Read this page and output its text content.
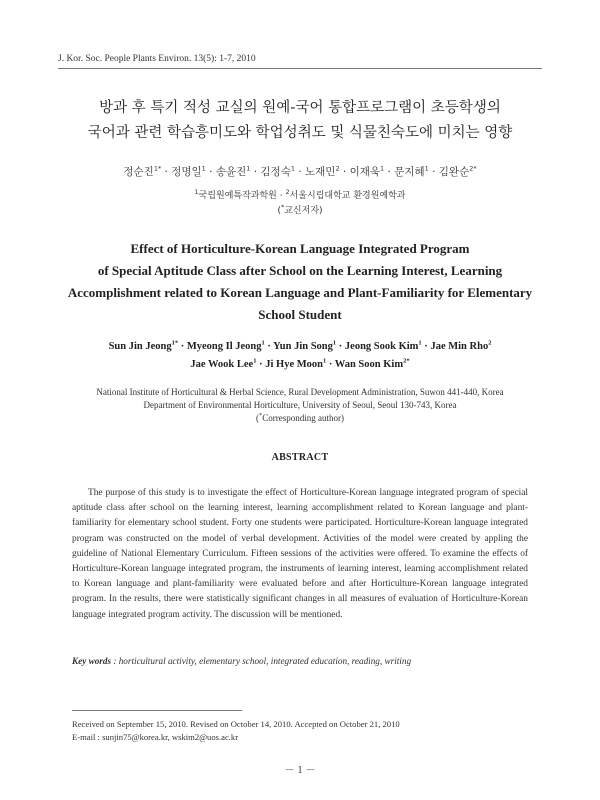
J. Kor. Soc. People Plants Environ. 13(5): 1-7, 2010
방과 후 특기 적성 교실의 원예-국어 통합프로그램이 초등학생의
국어과 관련 학습흥미도와 학업성취도 및 식물친숙도에 미치는 영향
정순진$^{1*}$ · 정명일$^1$ · 송윤진$^1$ · 김정숙$^1$ · 노재민$^2$ · 이재욱$^1$ · 문지혜$^1$ · 김완순$^{2*}$
$^1$국립원예특작과학원 · $^2$서울시립대학교 환경원예학과
(*교신저자)
Effect of Horticulture-Korean Language Integrated Program
of Special Aptitude Class after School on the Learning Interest, Learning
Accomplishment related to Korean Language and Plant-Familiarity for Elementary
School Student
Sun Jin Jeong$^{1*}$ · Myeong Il Jeong$^1$ · Yun Jin Song$^1$ · Jeong Sook Kim$^1$ · Jae Min Rho$^2$
Jae Wook Lee$^1$ · Ji Hye Moon$^1$ · Wan Soon Kim$^{2*}$
National Institute of Horticultural & Herbal Science, Rural Development Administration, Suwon 441-440, Korea
Department of Environmental Horticulture, University of Seoul, Seoul 130-743, Korea
(*Corresponding author)
ABSTRACT

The purpose of this study is to investigate the effect of Horticulture-Korean language integrated program of special aptitude class after school on the learning interest, learning accomplishment related to Korean language and plant-familiarity for elementary school student. Forty one students were participated. Horticulture-Korean language integrated program was constructed on the model of verbal development. Activities of the model were created by appling the guideline of National Elementary Curriculum. Fifteen sessions of the activities were offered. To examine the effects of Horticulture-Korean language integrated program, the instruments of learning interest, learning accomplishment related to Korean language and plant-familiarity were evaluated before and after Horticulture-Korean language integrated program. In the results, there were statistically significant changes in all measures of evaluation of Horticulture-Korean language integrated program activity. The discussion will be mentioned.

Key words : horticultural activity, elementary school, integrated education, reading, writing
Received on September 15, 2010. Revised on October 14, 2010. Accepted on October 21, 2010
E-mail : sunjin75@korea.kr, wskim2@uos.ac.kr
－ 1 －
